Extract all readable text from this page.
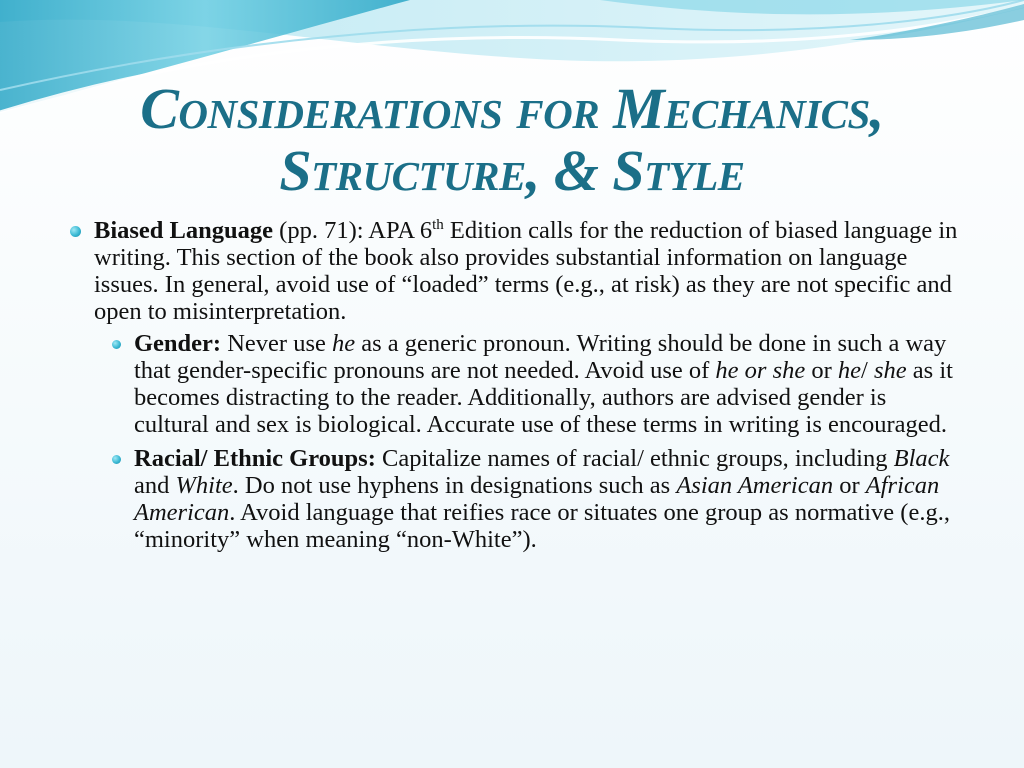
Considerations for Mechanics,
Structure, & Style
Biased Language (pp. 71): APA 6th Edition calls for the reduction of biased language in writing. This section of the book also provides substantial information on language issues. In general, avoid use of “loaded” terms (e.g., at risk) as they are not specific and open to misinterpretation.
Gender: Never use he as a generic pronoun. Writing should be done in such a way that gender-specific pronouns are not needed. Avoid use of he or she or he/ she as it becomes distracting to the reader. Additionally, authors are advised gender is cultural and sex is biological. Accurate use of these terms in writing is encouraged.
Racial/ Ethnic Groups: Capitalize names of racial/ ethnic groups, including Black and White. Do not use hyphens in designations such as Asian American or African American. Avoid language that reifies race or situates one group as normative (e.g., “minority” when meaning “non-White”).
